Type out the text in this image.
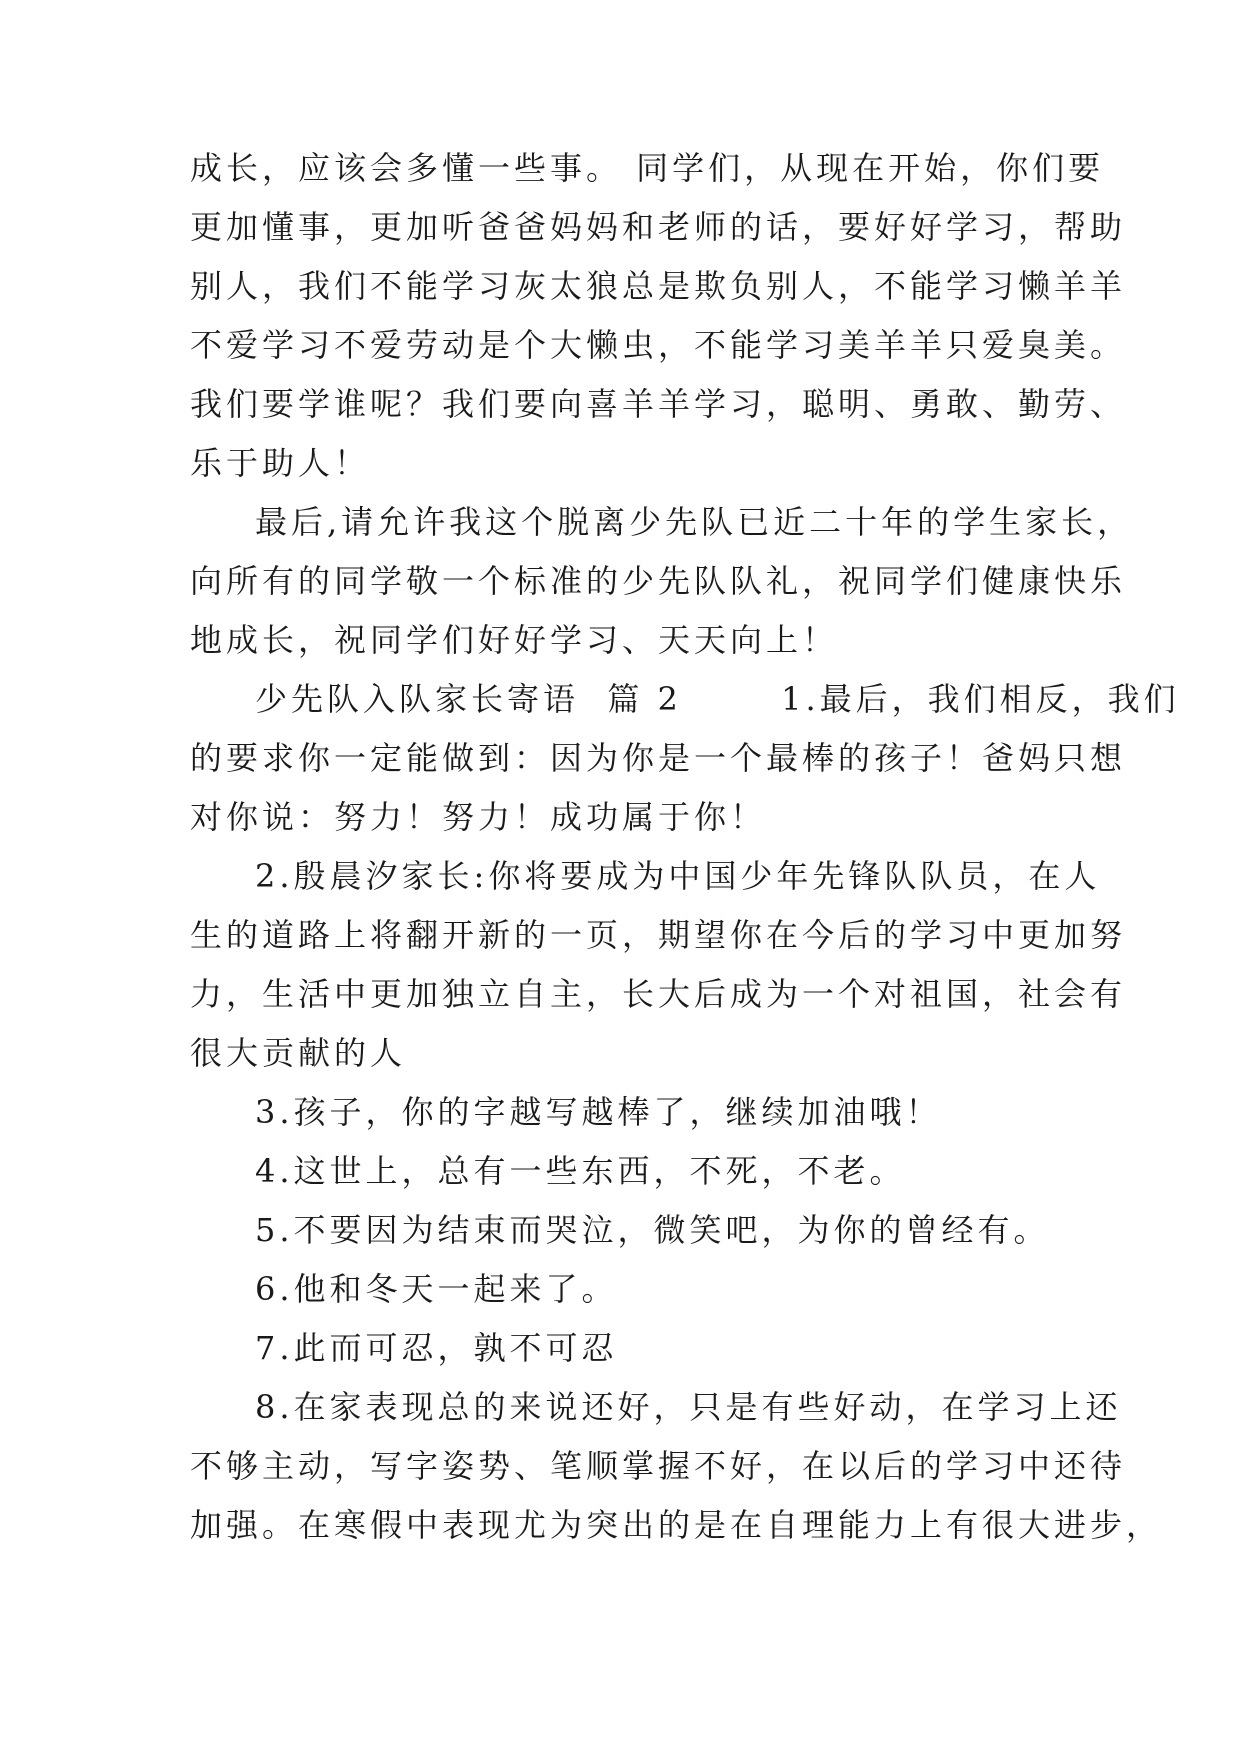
成长，应该会多懂一些事。 同学们，从现在开始，你们要
更加懂事，更加听爸爸妈妈和老师的话，要好好学习，帮助
别人，我们不能学习灰太狼总是欺负别人，不能学习懒羊羊
不爱学习不爱劳动是个大懒虫，不能学习美羊羊只爱臭美。
我们要学谁呢？我们要向喜羊羊学习，聪明、勇敢、勤劳、
乐于助人！
最后,请允许我这个脱离少先队已近二十年的学生家长，
向所有的同学敬一个标准的少先队队礼，祝同学们健康快乐
地成长，祝同学们好好学习、天天向上！
少先队入队家长寄语  篇 2       1.最后，我们相反，我们
的要求你一定能做到：因为你是一个最棒的孩子！爸妈只想
对你说：努力！努力！成功属于你！
2.殷晨汐家长:你将要成为中国少年先锋队队员，在人
生的道路上将翻开新的一页，期望你在今后的学习中更加努
力，生活中更加独立自主，长大后成为一个对祖国，社会有
很大贡献的人
3.孩子，你的字越写越棒了，继续加油哦！
4.这世上，总有一些东西，不死，不老。
5.不要因为结束而哭泣，微笑吧，为你的曾经有。
6.他和冬天一起来了。
7.此而可忍，孰不可忍
8.在家表现总的来说还好，只是有些好动，在学习上还
不够主动，写字姿势、笔顺掌握不好，在以后的学习中还待
加强。在寒假中表现尤为突出的是在自理能力上有很大进步，
